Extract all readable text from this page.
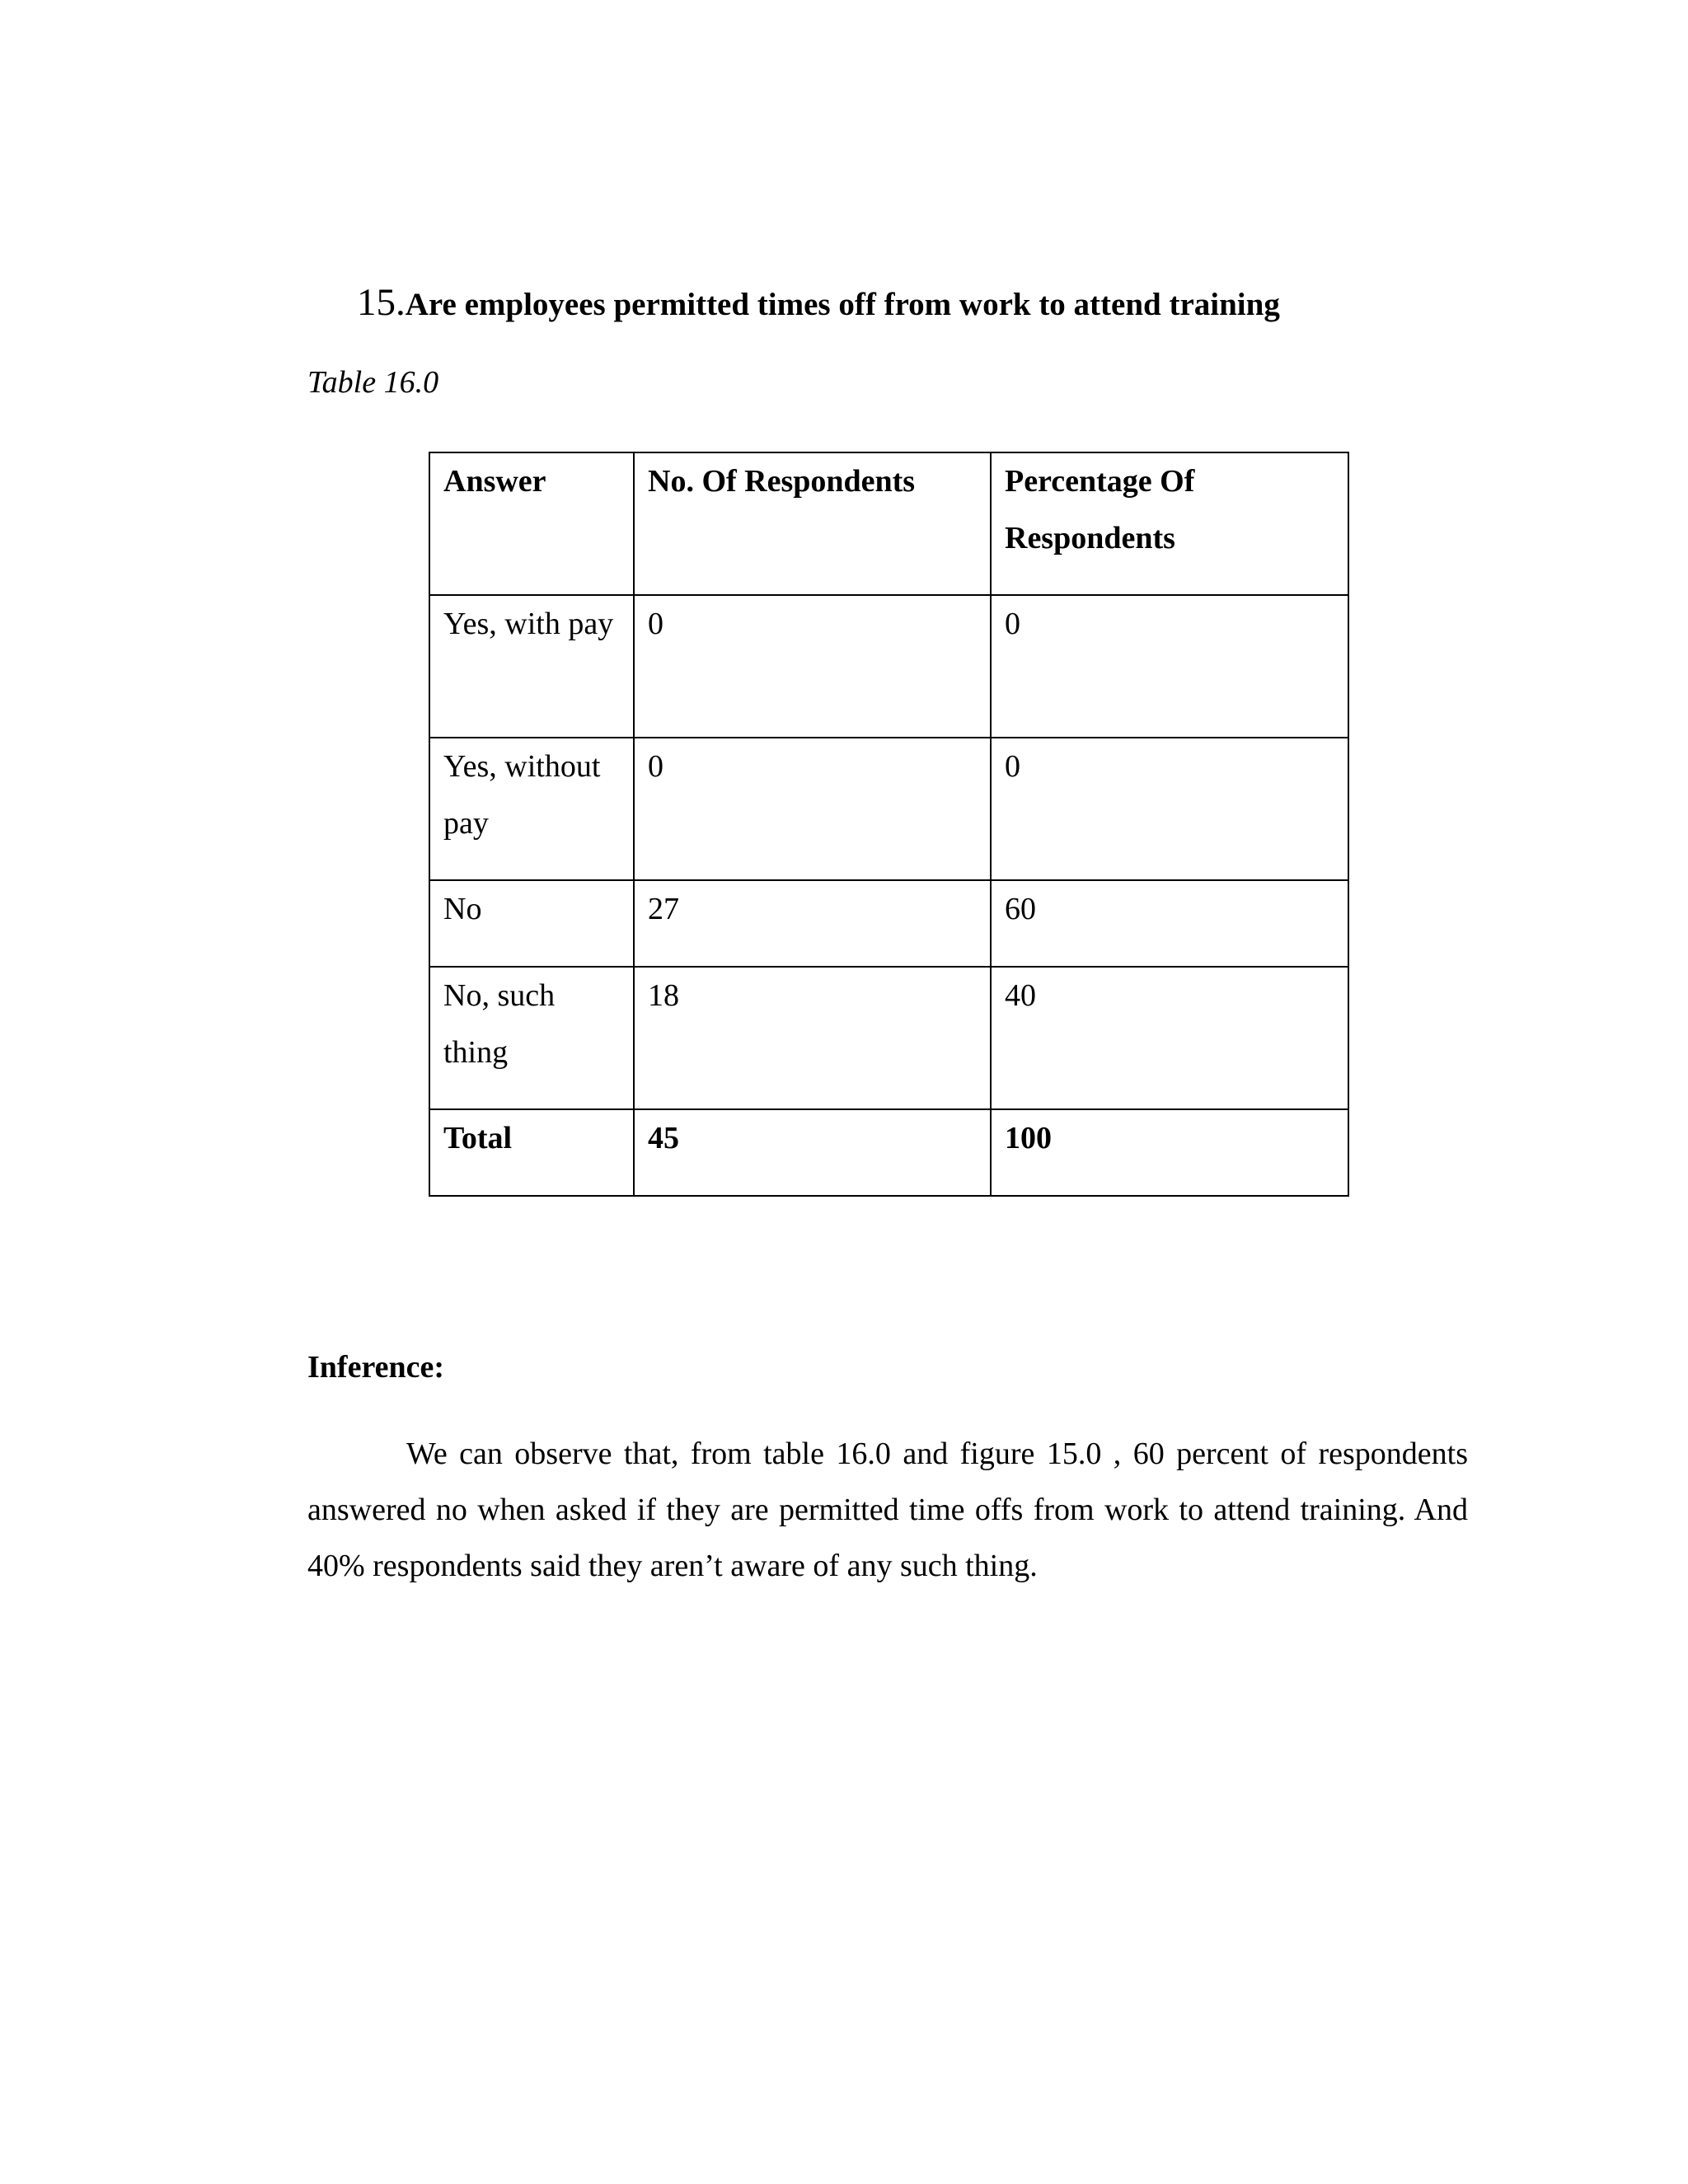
15.Are employees permitted times off from work to attend training
Table 16.0
Answer	No. Of Respondents	Percentage Of Respondents
Yes, with pay	0	0
Yes, without pay	0	0
No	27	60
No, such thing	18	40
Total	45	100
Inference:

We can observe that, from table 16.0 and figure 15.0 , 60 percent of respondents answered no when asked if they are permitted time offs from work to attend training. And 40% respondents said they aren’t aware of any such thing.
